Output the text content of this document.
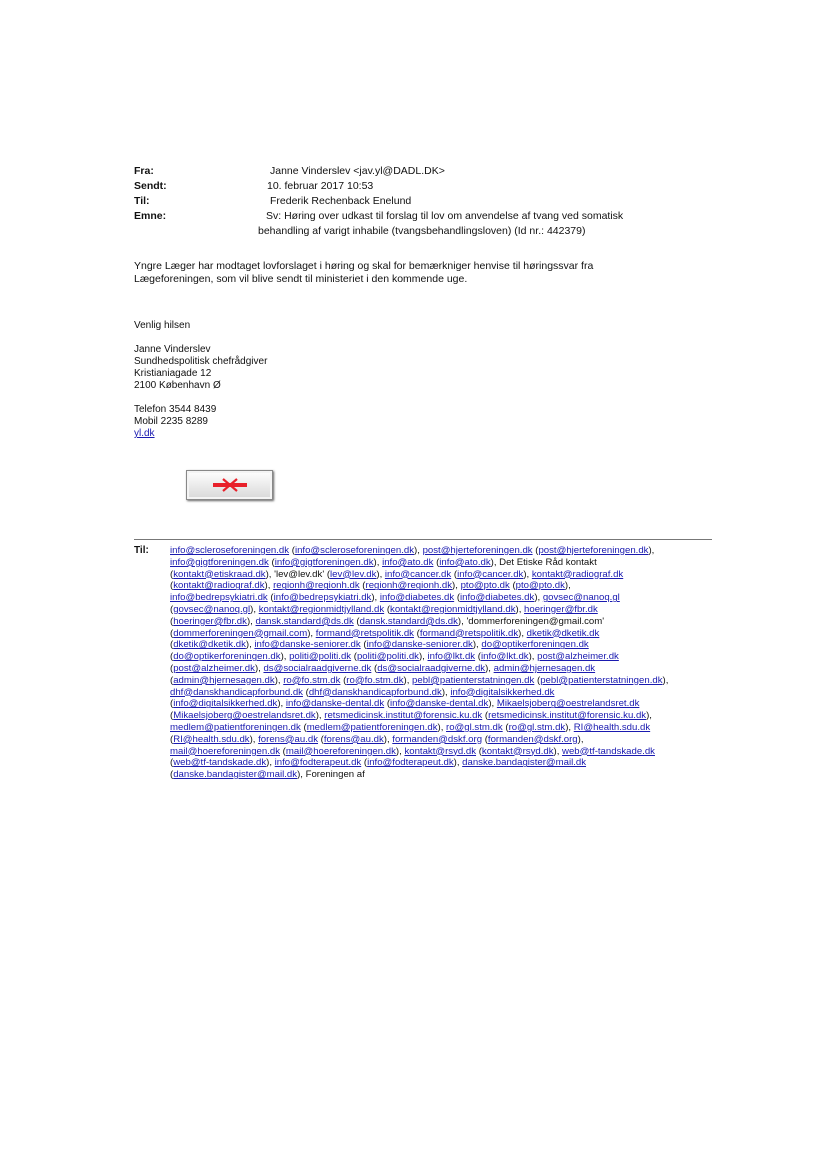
Fra:	Janne Vinderslev <jav.yl@DADL.DK>
Sendt:	10. februar 2017 10:53
Til:	Frederik Rechenback Enelund
Emne:	Sv: Høring over udkast til forslag til lov om anvendelse af tvang ved somatisk behandling af varigt inhabile (tvangsbehandlingsloven) (Id nr.: 442379)
Yngre Læger har modtaget lovforslaget i høring og skal for bemærkniger henvise til høringssvar fra Lægeforeningen, som vil blive sendt til ministeriet i den kommende uge.
Venlig hilsen
Janne Vinderslev
Sundhedspolitisk chefrådgiver
Kristianiagade 12
2100 København Ø
Telefon 3544 8439
Mobil 2235 8289
yl.dk
Til: info@scleroseforeningen.dk (info@scleroseforeningen.dk), post@hjerteforeningen.dk (post@hjerteforeningen.dk), info@gigtforeningen.dk (info@gigtforeningen.dk), info@ato.dk (info@ato.dk), Det Etiske Råd kontakt (kontakt@etiskraad.dk), 'lev@lev.dk' (lev@lev.dk), info@cancer.dk (info@cancer.dk), kontakt@radiograf.dk (kontakt@radiograf.dk), regionh@regionh.dk (regionh@regionh.dk), pto@pto.dk (pto@pto.dk), info@bedrepsykiatri.dk (info@bedrepsykiatri.dk), info@diabetes.dk (info@diabetes.dk), govsec@nanoq.gl (govsec@nanoq.gl), kontakt@regionmidtjylland.dk (kontakt@regionmidtjylland.dk), hoeringer@fbr.dk (hoeringer@fbr.dk), dansk.standard@ds.dk (dansk.standard@ds.dk), 'dommerforeningen@gmail.com' (dommerforeningen@gmail.com), formand@retspolitik.dk (formand@retspolitik.dk), dketik@dketik.dk (dketik@dketik.dk), info@danske-seniorer.dk (info@danske-seniorer.dk), do@optikerforeningen.dk (do@optikerforeningen.dk), politi@politi.dk (politi@politi.dk), info@lkt.dk (info@lkt.dk), post@alzheimer.dk (post@alzheimer.dk), ds@socialraadgiverne.dk (ds@socialraadgiverne.dk), admin@hjernesagen.dk (admin@hjernesagen.dk), ro@fo.stm.dk (ro@fo.stm.dk), pebl@patienterstatningen.dk (pebl@patienterstatningen.dk), dhf@danskhandicapforbund.dk (dhf@danskhandicapforbund.dk), info@digitalsikkerhed.dk (info@digitalsikkerhed.dk), info@danske-dental.dk (info@danske-dental.dk), Mikaelsjoberg@oestrelandsret.dk (Mikaelsjoberg@oestrelandsret.dk), retsmedicinsk.institut@forensic.ku.dk (retsmedicinsk.institut@forensic.ku.dk), medlem@patientforeningen.dk (medlem@patientforeningen.dk), ro@gl.stm.dk (ro@gl.stm.dk), RI@health.sdu.dk (RI@health.sdu.dk), forens@au.dk (forens@au.dk), formanden@dskf.org (formanden@dskf.org), mail@hoereforeningen.dk (mail@hoereforeningen.dk), kontakt@rsyd.dk (kontakt@rsyd.dk), web@tf-tandskade.dk (web@tf-tandskade.dk), info@fodterapeut.dk (info@fodterapeut.dk), danske.bandagister@mail.dk (danske.bandagister@mail.dk), Foreningen af
